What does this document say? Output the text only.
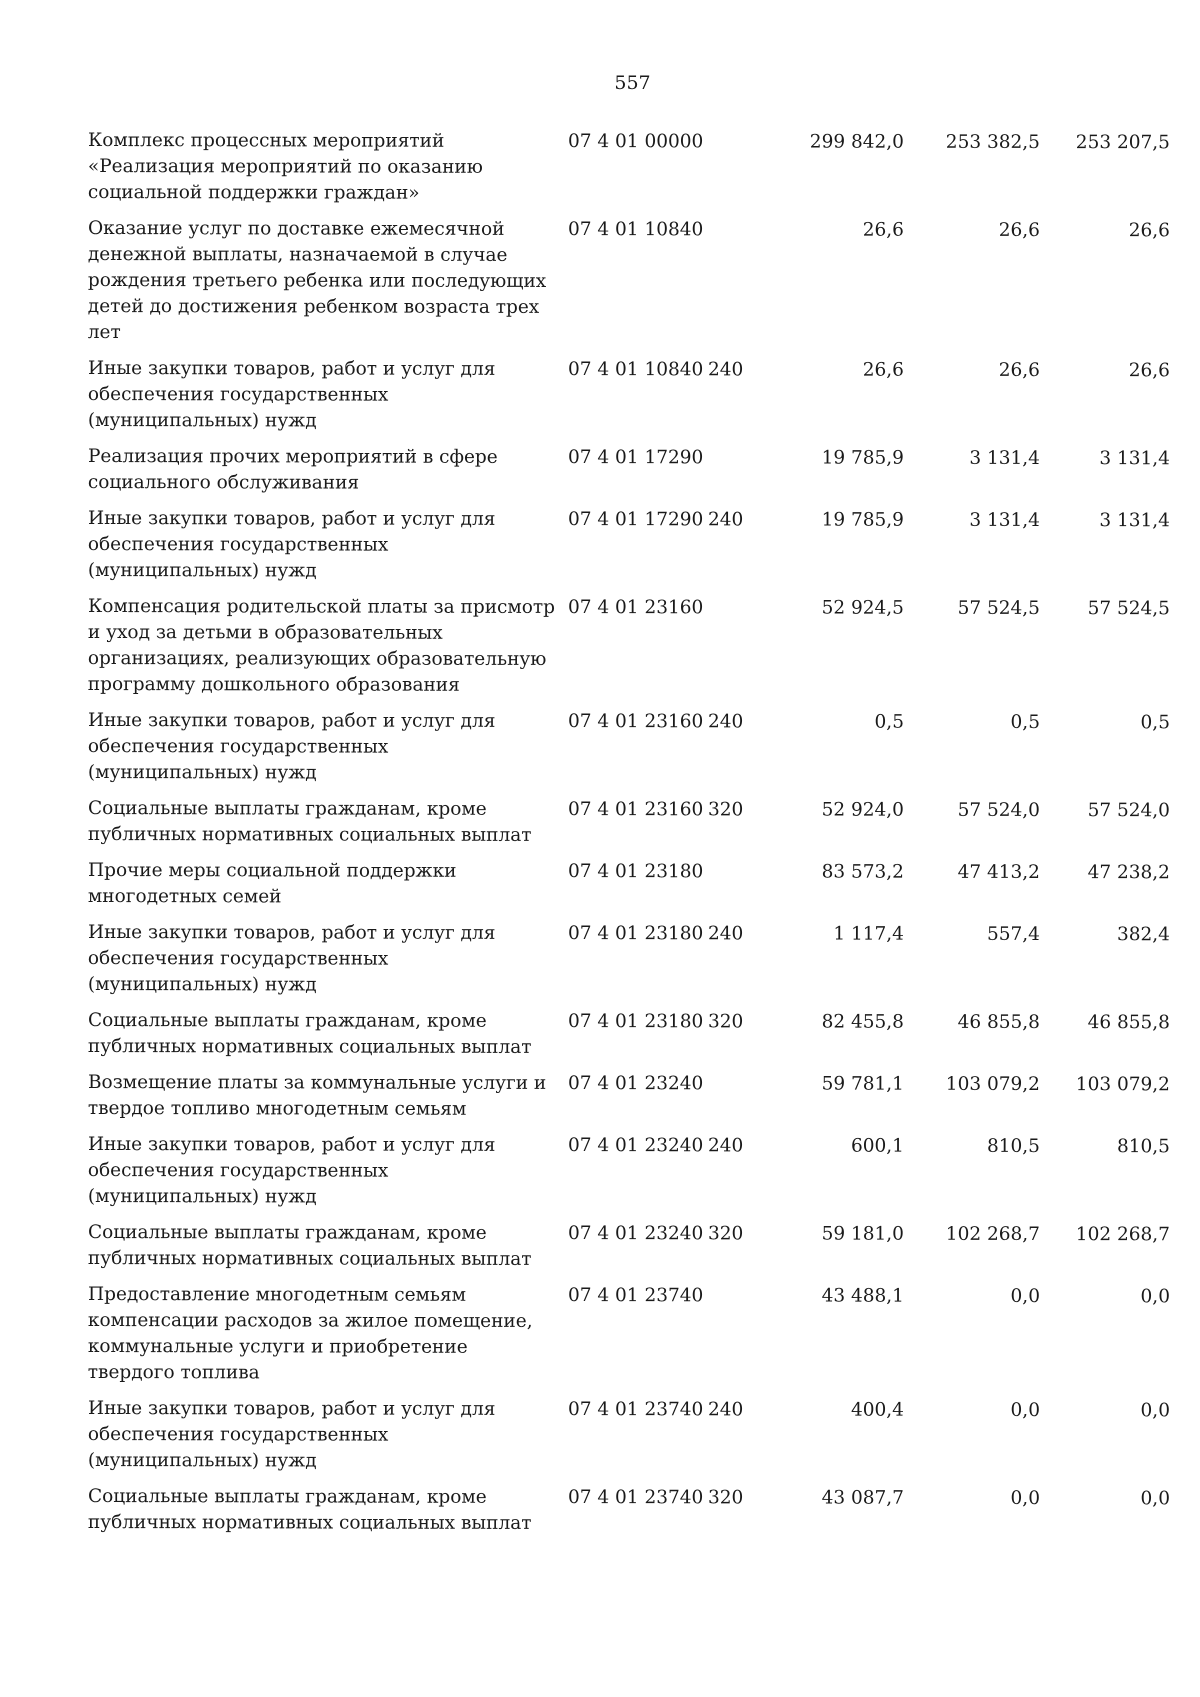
557
Комплекс процессных мероприятий «Реализация мероприятий по оказанию социальной поддержки граждан»
07 4 01 00000	299 842,0	253 382,5	253 207,5
Оказание услуг по доставке ежемесячной денежной выплаты, назначаемой в случае рождения третьего ребенка или последующих детей до достижения ребенком возраста трех лет
07 4 01 10840	26,6	26,6	26,6
Иные закупки товаров, работ и услуг для обеспечения государственных (муниципальных) нужд
07 4 01 10840 240	26,6	26,6	26,6
Реализация прочих мероприятий в сфере социального обслуживания
07 4 01 17290	19 785,9	3 131,4	3 131,4
Иные закупки товаров, работ и услуг для обеспечения государственных (муниципальных) нужд
07 4 01 17290 240	19 785,9	3 131,4	3 131,4
Компенсация родительской платы за присмотр и уход за детьми в образовательных организациях, реализующих образовательную программу дошкольного образования
07 4 01 23160	52 924,5	57 524,5	57 524,5
Иные закупки товаров, работ и услуг для обеспечения государственных (муниципальных) нужд
07 4 01 23160 240	0,5	0,5	0,5
Социальные выплаты гражданам, кроме публичных нормативных социальных выплат
07 4 01 23160 320	52 924,0	57 524,0	57 524,0
Прочие меры социальной поддержки многодетных семей
07 4 01 23180	83 573,2	47 413,2	47 238,2
Иные закупки товаров, работ и услуг для обеспечения государственных (муниципальных) нужд
07 4 01 23180 240	1 117,4	557,4	382,4
Социальные выплаты гражданам, кроме публичных нормативных социальных выплат
07 4 01 23180 320	82 455,8	46 855,8	46 855,8
Возмещение платы за коммунальные услуги и твердое топливо многодетным семьям
07 4 01 23240	59 781,1	103 079,2	103 079,2
Иные закупки товаров, работ и услуг для обеспечения государственных (муниципальных) нужд
07 4 01 23240 240	600,1	810,5	810,5
Социальные выплаты гражданам, кроме публичных нормативных социальных выплат
07 4 01 23240 320	59 181,0	102 268,7	102 268,7
Предоставление многодетным семьям компенсации расходов за жилое помещение, коммунальные услуги и приобретение твердого топлива
07 4 01 23740	43 488,1	0,0	0,0
Иные закупки товаров, работ и услуг для обеспечения государственных (муниципальных) нужд
07 4 01 23740 240	400,4	0,0	0,0
Социальные выплаты гражданам, кроме публичных нормативных социальных выплат
07 4 01 23740 320	43 087,7	0,0	0,0
